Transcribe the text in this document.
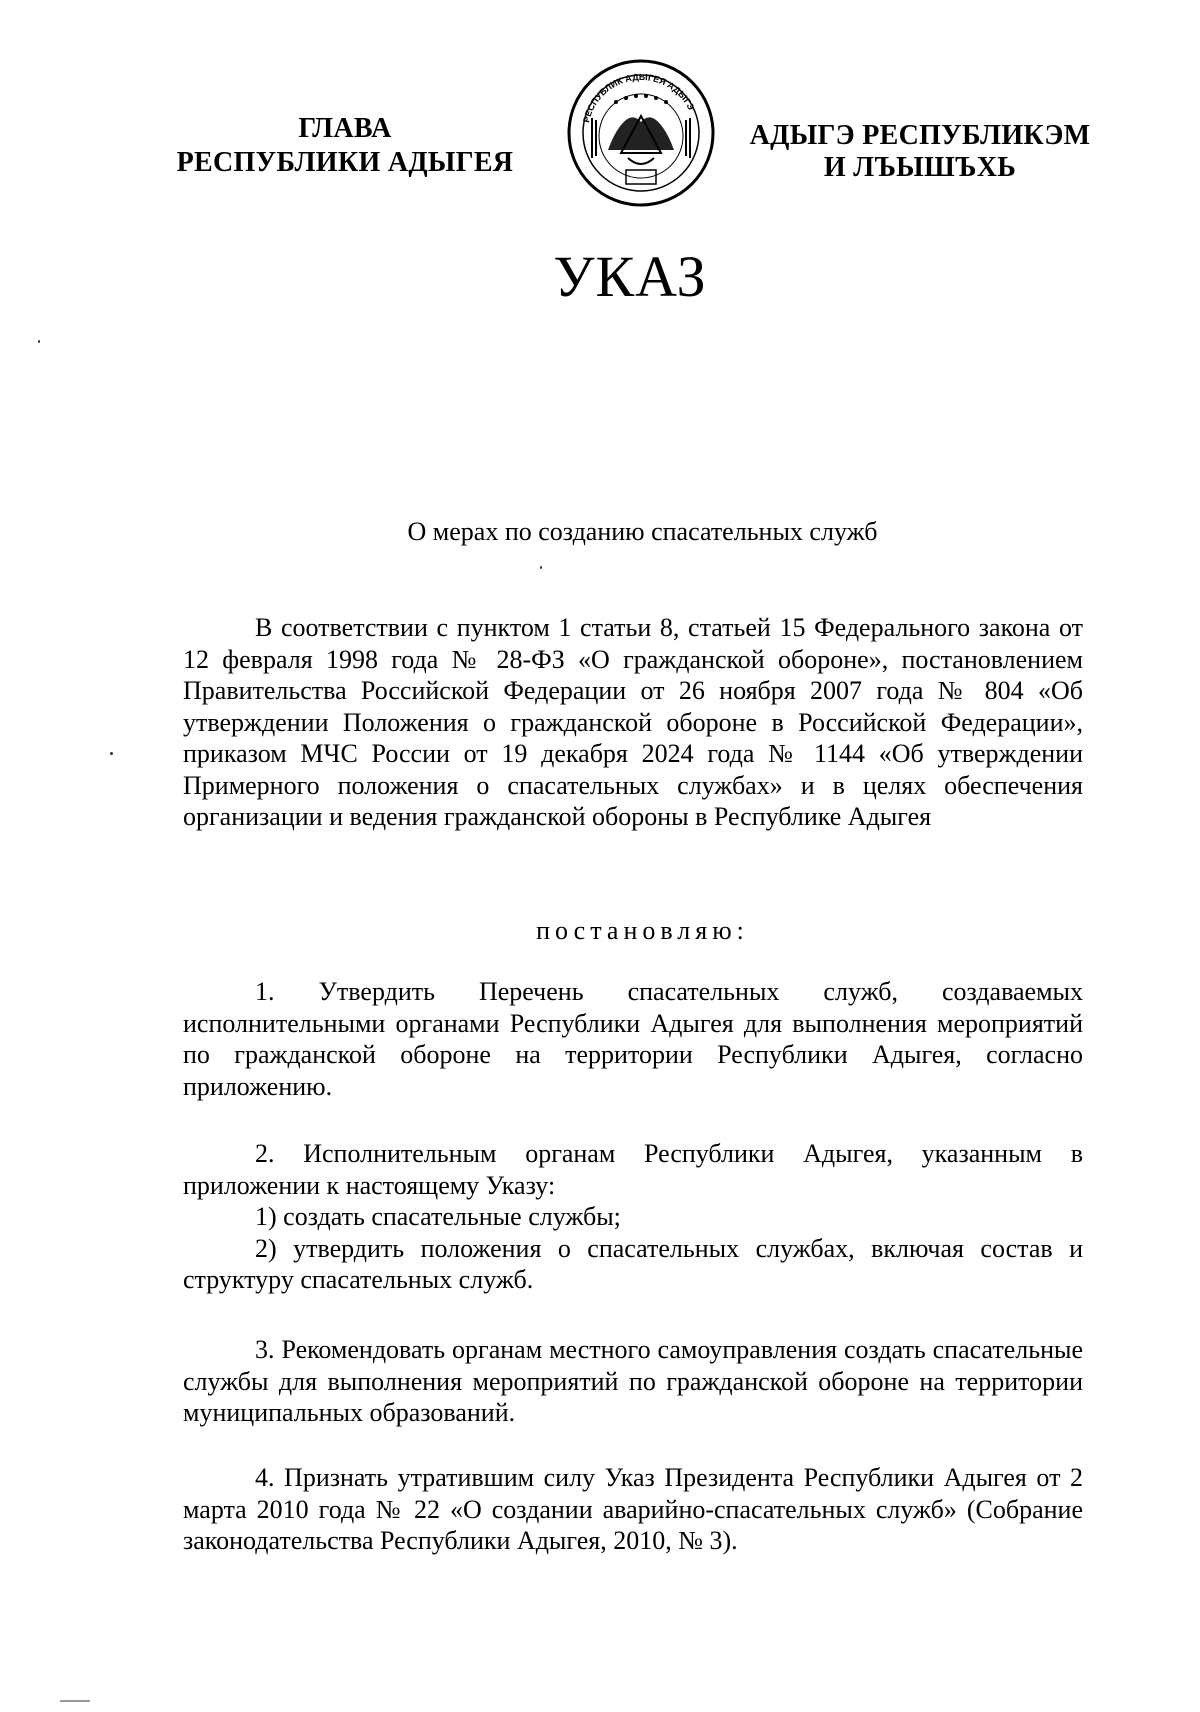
ГЛАВА
РЕСПУБЛИКИ АДЫГЕЯ
РЕСПУБЛИК АДЫГЕЯ АДЫГЭ
АДЫГЭ РЕСПУБЛИКЭМ
И ЛЪЫШЪХЬ
УКАЗ
О мерах по созданию спасательных служб

В соответствии с пунктом 1 статьи 8, статьей 15 Федерального закона от 12 февраля 1998 года № 28-ФЗ «О гражданской обороне», постановлением Правительства Российской Федерации от 26 ноября 2007 года № 804 «Об утверждении Положения о гражданской обороне в Российской Федерации», приказом МЧС России от 19 декабря 2024 года № 1144 «Об утверждении Примерного положения о спасательных службах» и в целях обеспечения организации и ведения гражданской обороны в Республике Адыгея

постановляю:

1. Утвердить Перечень спасательных служб, создаваемых исполнительными органами Республики Адыгея для выполнения мероприятий по гражданской обороне на территории Республики Адыгея, согласно приложению.

2. Исполнительным органам Республики Адыгея, указанным в приложении к настоящему Указу:

1) создать спасательные службы;

2) утвердить положения о спасательных службах, включая состав и структуру спасательных служб.

3. Рекомендовать органам местного самоуправления создать спасательные службы для выполнения мероприятий по гражданской обороне на территории муниципальных образований.

4. Признать утратившим силу Указ Президента Республики Адыгея от 2 марта 2010 года № 22 «О создании аварийно-спасательных служб» (Собрание законодательства Республики Адыгея, 2010, № 3).
